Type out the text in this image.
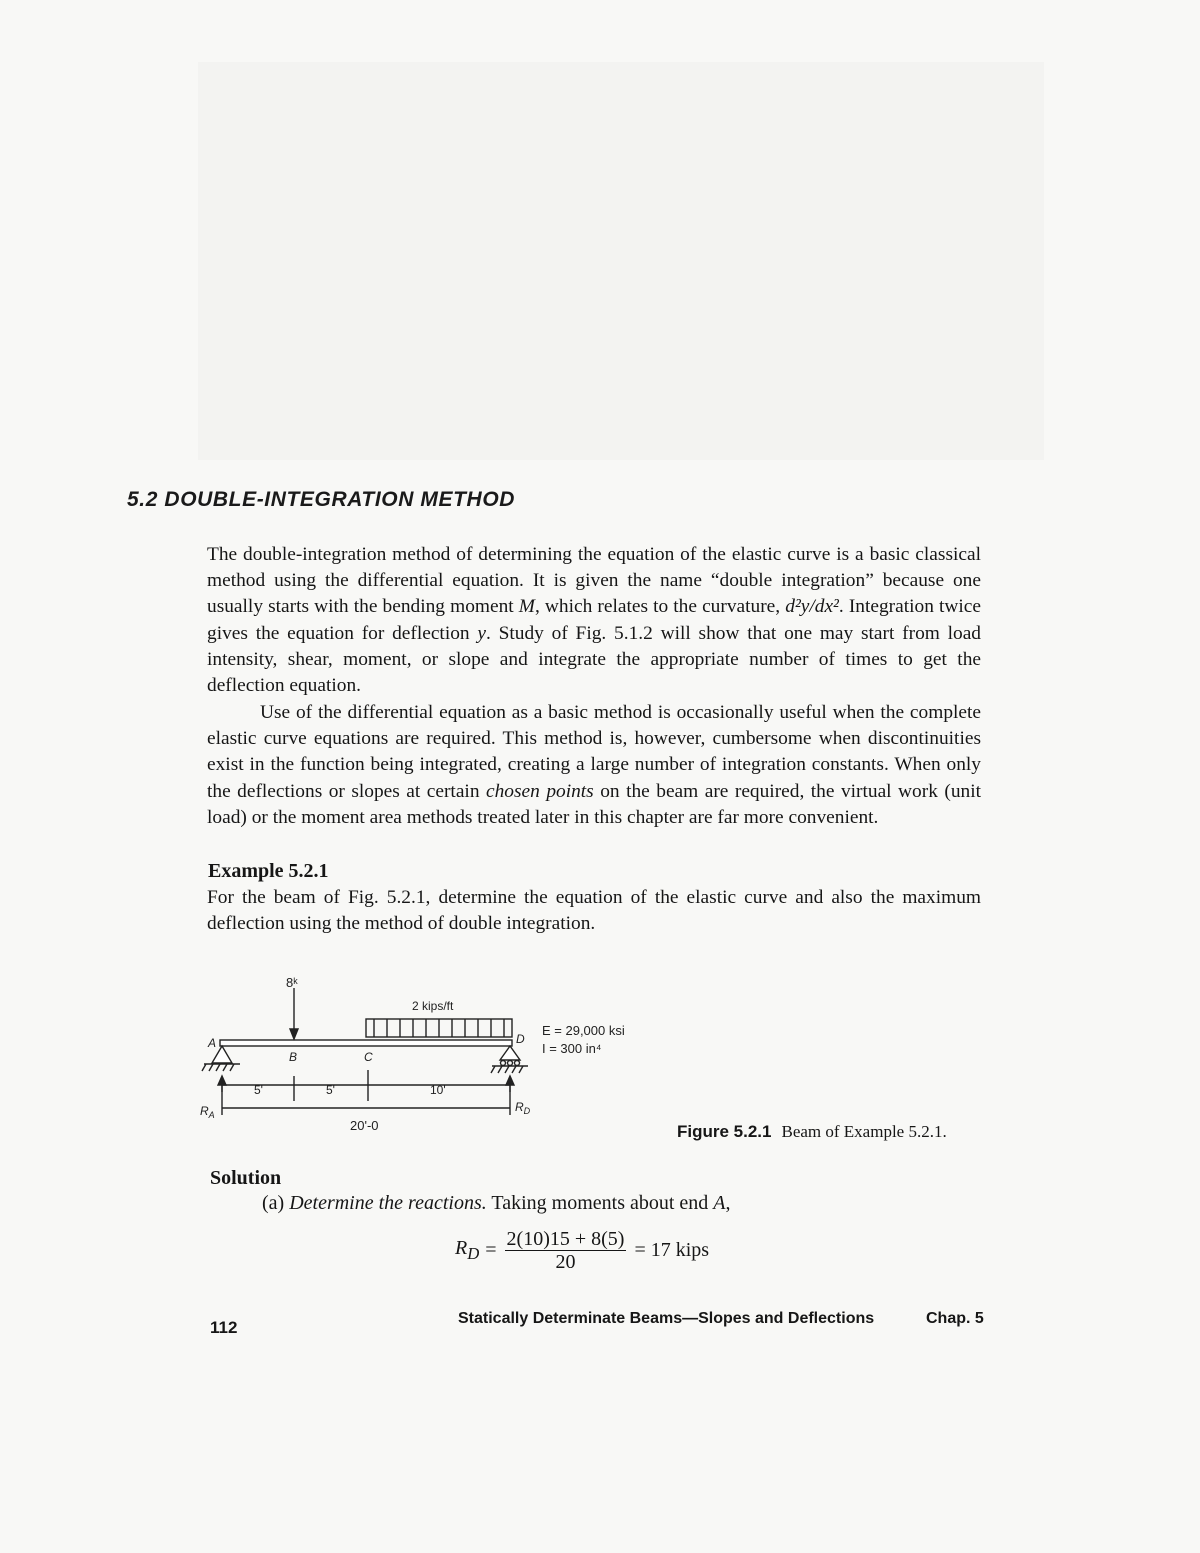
5.2 DOUBLE-INTEGRATION METHOD

The double-integration method of determining the equation of the elastic curve is a basic classical method using the differential equation. It is given the name “double integration” because one usually starts with the bending moment M, which relates to the curvature, d²y/dx². Integration twice gives the equation for deflection y. Study of Fig. 5.1.2 will show that one may start from load intensity, shear, moment, or slope and integrate the appropriate number of times to get the deflection equation.

Use of the differential equation as a basic method is occasionally useful when the complete elastic curve equations are required. This method is, however, cumbersome when discontinuities exist in the function being integrated, creating a large number of integration constants. When only the deflections or slopes at certain chosen points on the beam are required, the virtual work (unit load) or the moment area methods treated later in this chapter are far more convenient.

Example 5.2.1

For the beam of Fig. 5.2.1, determine the equation of the elastic curve and also the maximum deflection using the method of double integration.

8ᵏ
2 kips/ft
A
B	C
D
E = 29,000 ksi
I = 300 in⁴
5'	5'	10'
20'-0
$R_A$
$R_D$
Figure 5.2.1 Beam of Example 5.2.1.
Solution

(a) Determine the reactions. Taking moments about end A,

$R_D = \frac{2(10)15 + 8(5)}{20} = 17$ kips

112	Statically Determinate Beams—Slopes and Deflections	Chap. 5
